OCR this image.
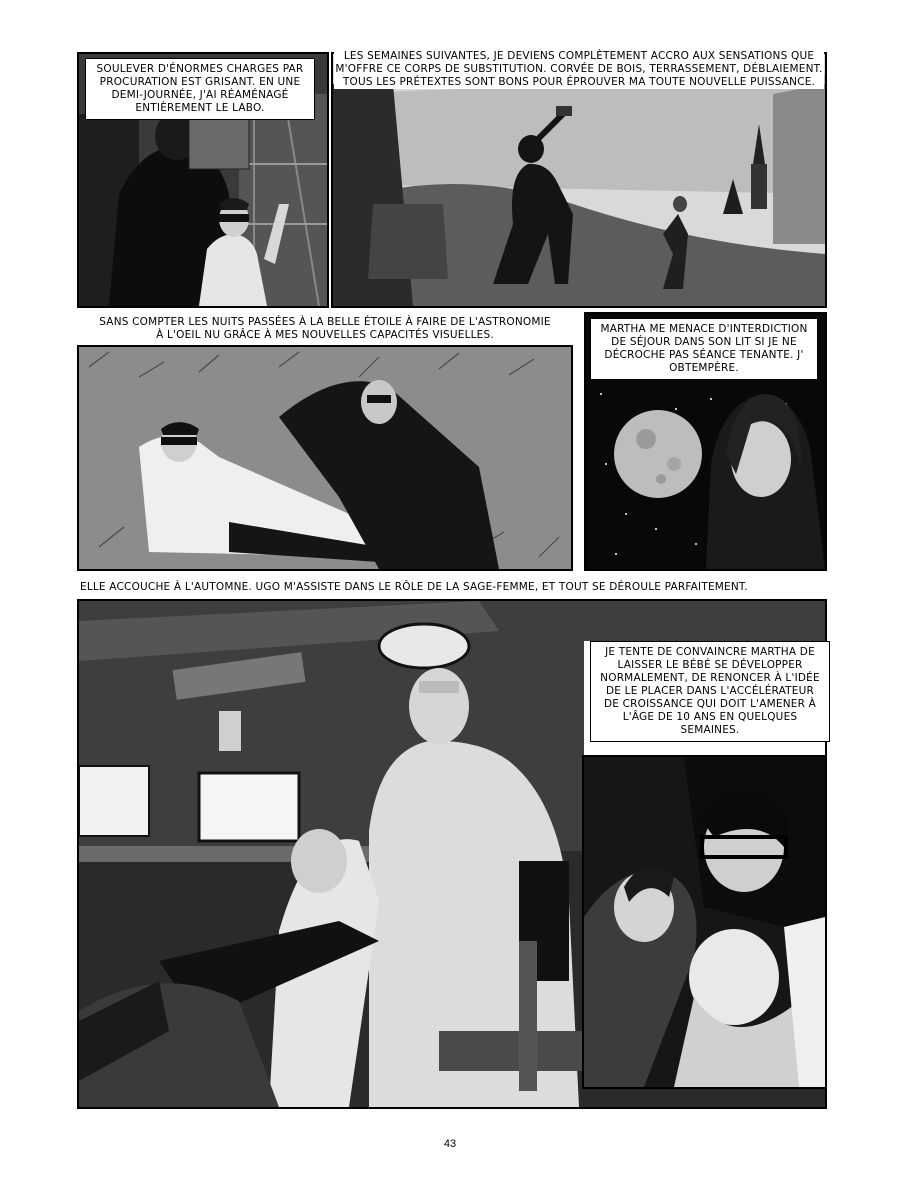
SOULEVER D'ÉNORMES CHARGES PAR PROCURATION EST GRISANT. EN UNE DEMI-JOURNÉE, J'AI RÉAMÉNAGÉ ENTIÈREMENT LE LABO.
LES SEMAINES SUIVANTES, JE DEVIENS COMPLÈTEMENT ACCRO AUX SENSATIONS QUE
M'OFFRE CE CORPS DE SUBSTITUTION. CORVÉE DE BOIS, TERRASSEMENT, DÉBLAIEMENT.
TOUS LES PRÉTEXTES SONT BONS POUR ÉPROUVER MA TOUTE NOUVELLE PUISSANCE.
SANS COMPTER LES NUITS PASSÉES À LA BELLE ÉTOILE À FAIRE DE L'ASTRONOMIE
À L'OEIL NU GRÂCE À MES NOUVELLES CAPACITÉS VISUELLES.	MARTHA ME MENACE D'INTERDICTION DE SÉJOUR DANS SON LIT SI JE NE DÉCROCHE PAS SÉANCE TENANTE. J' OBTEMPÈRE.
ELLE ACCOUCHE À L'AUTOMNE. UGO M'ASSISTE DANS LE RÔLE DE LA SAGE-FEMME, ET TOUT SE DÉROULE PARFAITEMENT.
JE TENTE DE CONVAINCRE MARTHA DE LAISSER LE BÉBÉ SE DÉVELOPPER NORMALEMENT, DE RENONCER À L'IDÉE DE LE PLACER DANS L'ACCÉLÉRATEUR DE CROISSANCE QUI DOIT L'AMENER À L'ÂGE DE 10 ANS EN QUELQUES SEMAINES.
43
